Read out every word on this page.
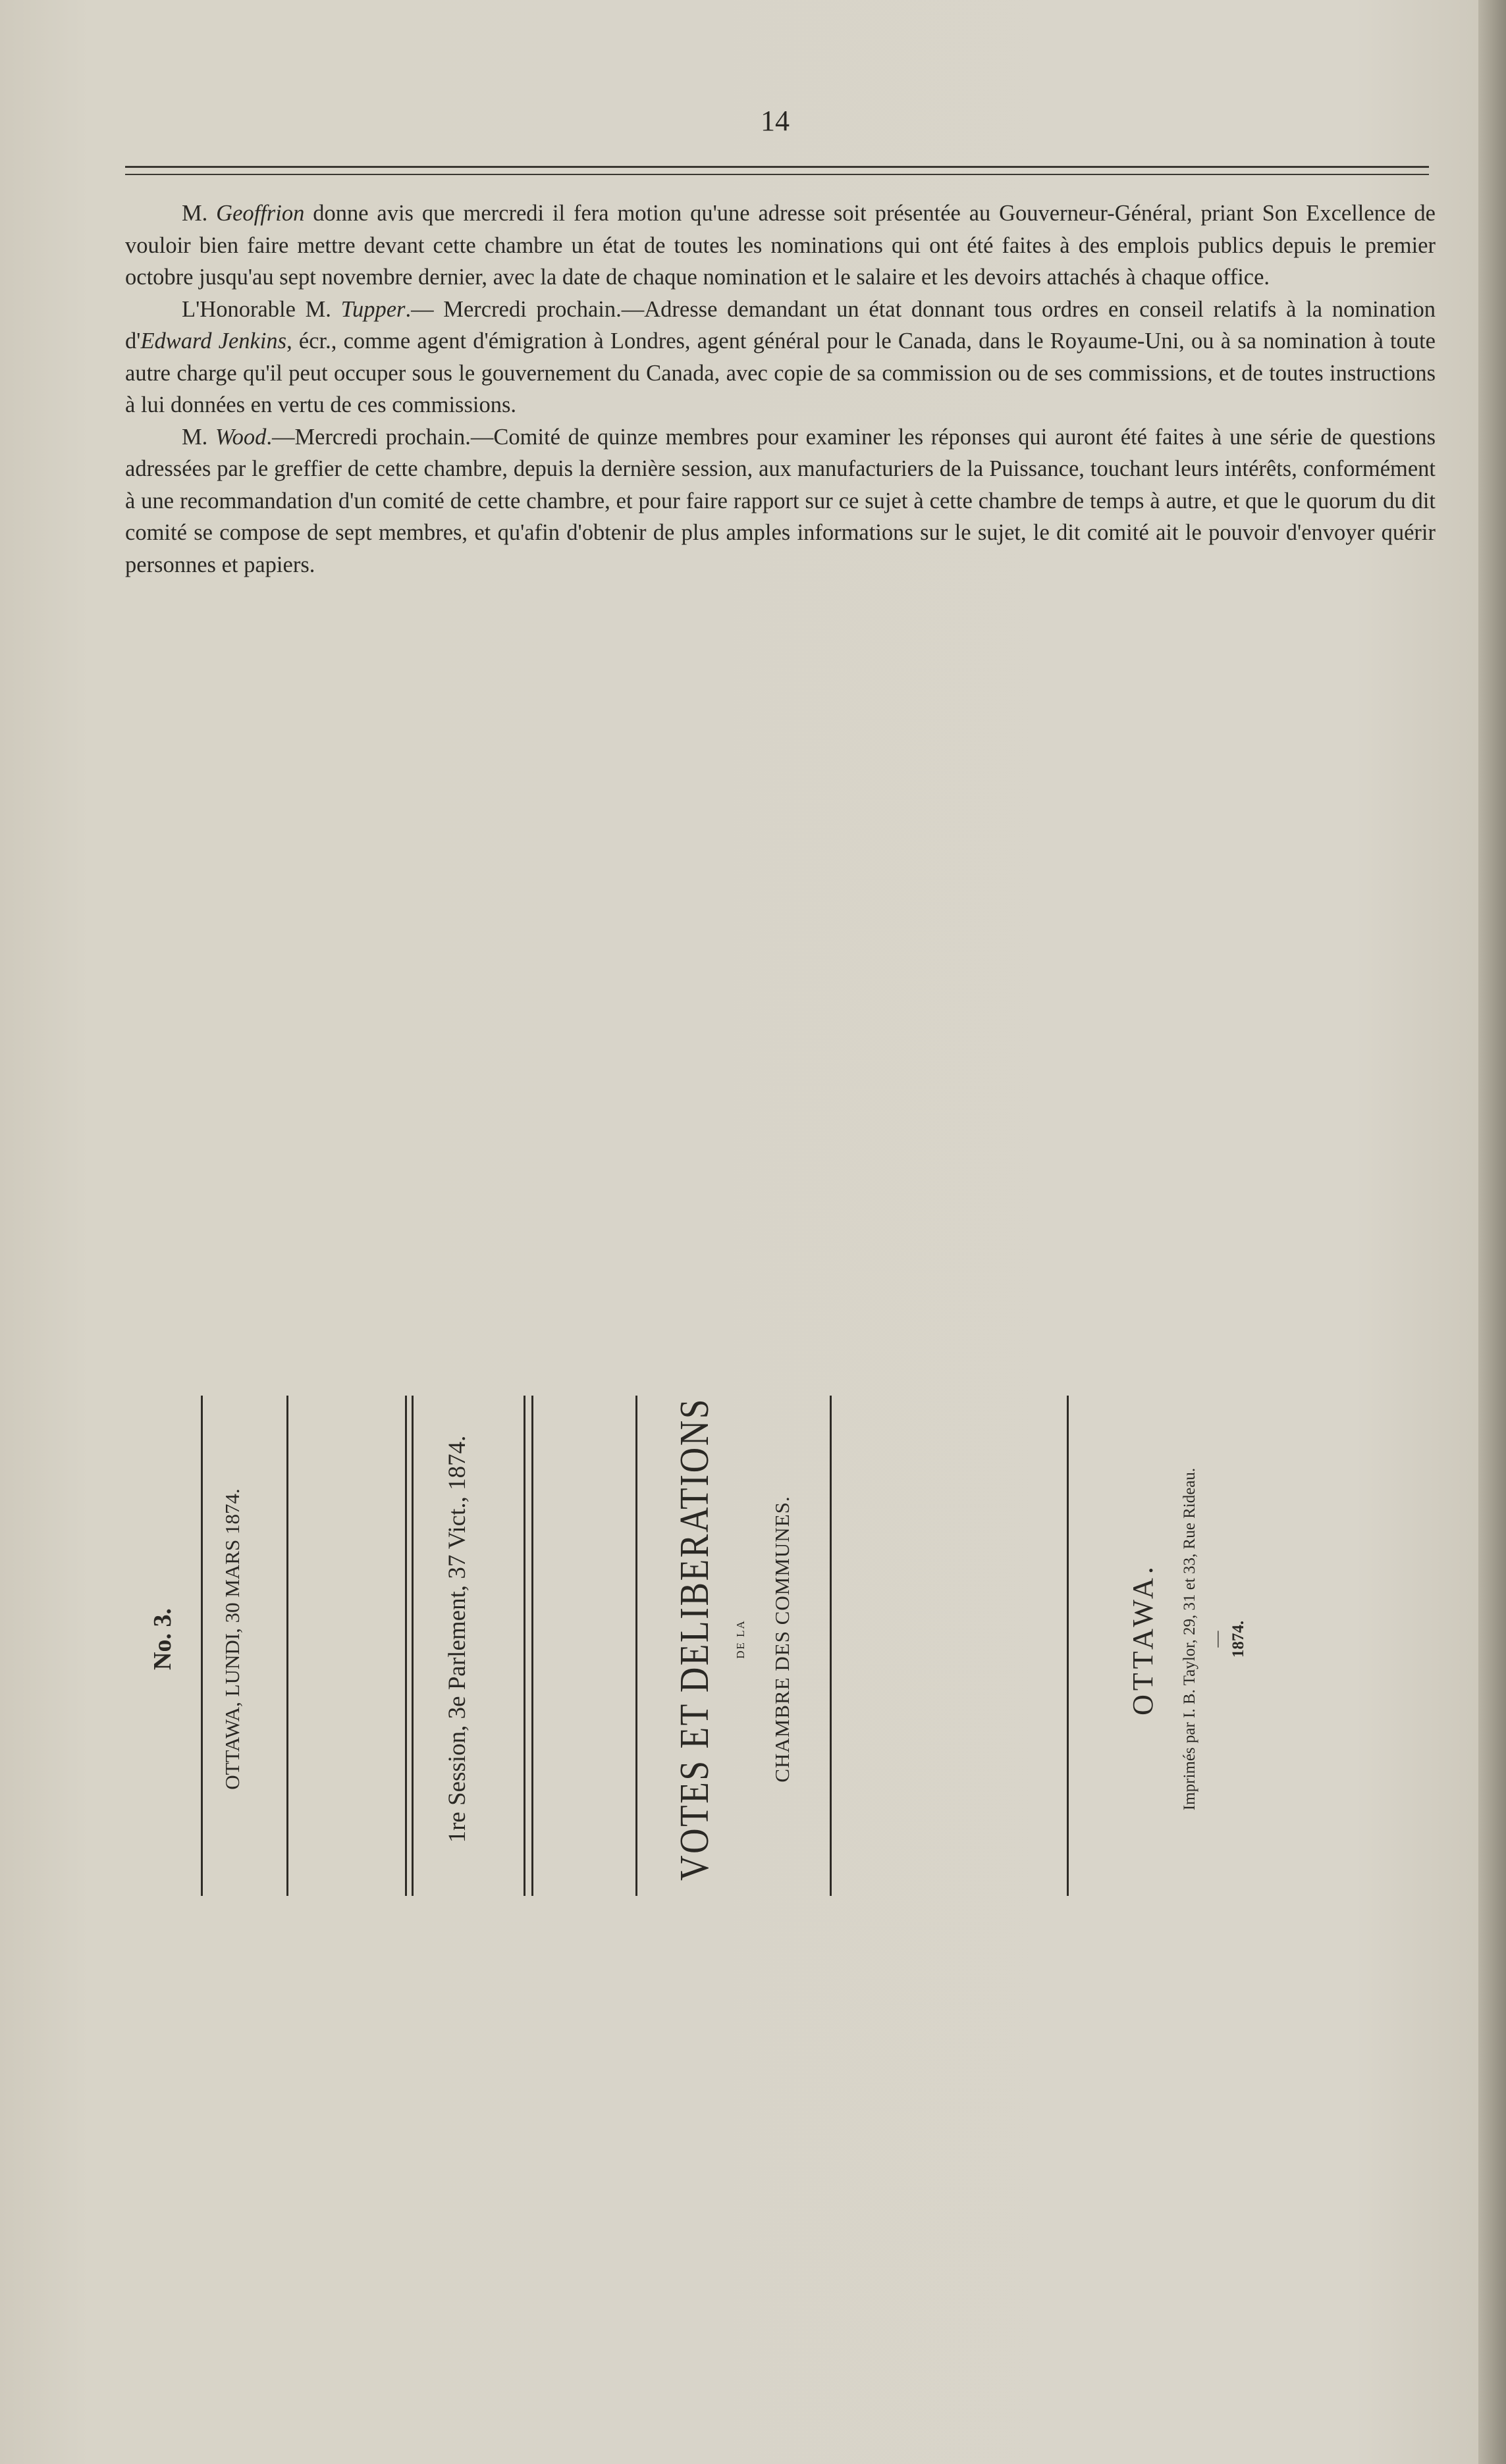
14

M. Geoffrion donne avis que mercredi il fera motion qu'une adresse soit présentée au Gouverneur-Général, priant Son Excellence de vouloir bien faire mettre devant cette chambre un état de toutes les nominations qui ont été faites à des emplois publics depuis le premier octobre jusqu'au sept novembre dernier, avec la date de chaque nomination et le salaire et les devoirs attachés à chaque office.

L'Honorable M. Tupper.— Mercredi prochain.—Adresse demandant un état donnant tous ordres en conseil relatifs à la nomination d'Edward Jenkins, écr., comme agent d'émigration à Londres, agent général pour le Canada, dans le Royaume-Uni, ou à sa nomination à toute autre charge qu'il peut occuper sous le gouvernement du Canada, avec copie de sa commission ou de ses commissions, et de toutes instructions à lui données en vertu de ces commissions.

M. Wood.—Mercredi prochain.—Comité de quinze membres pour examiner les réponses qui auront été faites à une série de questions adressées par le greffier de cette chambre, depuis la dernière session, aux manufacturiers de la Puissance, touchant leurs intérêts, conformément à une recommandation d'un comité de cette chambre, et pour faire rapport sur ce sujet à cette chambre de temps à autre, et que le quorum du dit comité se compose de sept membres, et qu'afin d'obtenir de plus amples informations sur le sujet, le dit comité ait le pouvoir d'envoyer quérir personnes et papiers.

No. 3. OTTAWA, LUNDI, 30 MARS 1874.	1re Session, 3e Parlement, 37 Vict., 1874.	VOTES ET DELIBERATIONS DE LA CHAMBRE DES COMMUNES.	OTTAWA. Imprimés par I. B. Taylor, 29, 31 et 33, Rue Rideau. — 1874.
